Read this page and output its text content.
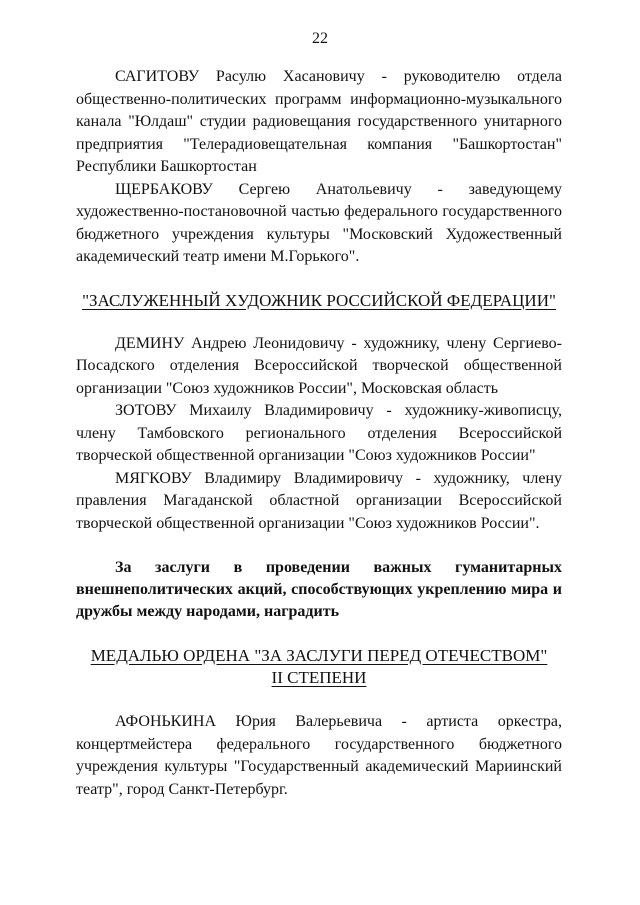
22

САГИТОВУ Расулю Хасановичу - руководителю отдела общественно-политических программ информационно-музыкального канала "Юлдаш" студии радиовещания государственного унитарного предприятия "Телерадиовещательная компания "Башкортостан" Республики Башкортостан

ЩЕРБАКОВУ Сергею Анатольевичу - заведующему художественно-постановочной частью федерального государственного бюджетного учреждения культуры "Московский Художественный академический театр имени М.Горького".

"ЗАСЛУЖЕННЫЙ ХУДОЖНИК РОССИЙСКОЙ ФЕДЕРАЦИИ"

ДЕМИНУ Андрею Леонидовичу - художнику, члену Сергиево-Посадского отделения Всероссийской творческой общественной организации "Союз художников России", Московская область

ЗОТОВУ Михаилу Владимировичу - художнику-живописцу, члену Тамбовского регионального отделения Всероссийской творческой общественной организации "Союз художников России"

МЯГКОВУ Владимиру Владимировичу - художнику, члену правления Магаданской областной организации Всероссийской творческой общественной организации "Союз художников России".

За заслуги в проведении важных гуманитарных внешнеполитических акций, способствующих укреплению мира и дружбы между народами, наградить

МЕДАЛЬЮ ОРДЕНА "ЗА ЗАСЛУГИ ПЕРЕД ОТЕЧЕСТВОМ"
II СТЕПЕНИ

АФОНЬКИНА Юрия Валерьевича - артиста оркестра, концертмейстера федерального государственного бюджетного учреждения культуры "Государственный академический Мариинский театр", город Санкт-Петербург.
